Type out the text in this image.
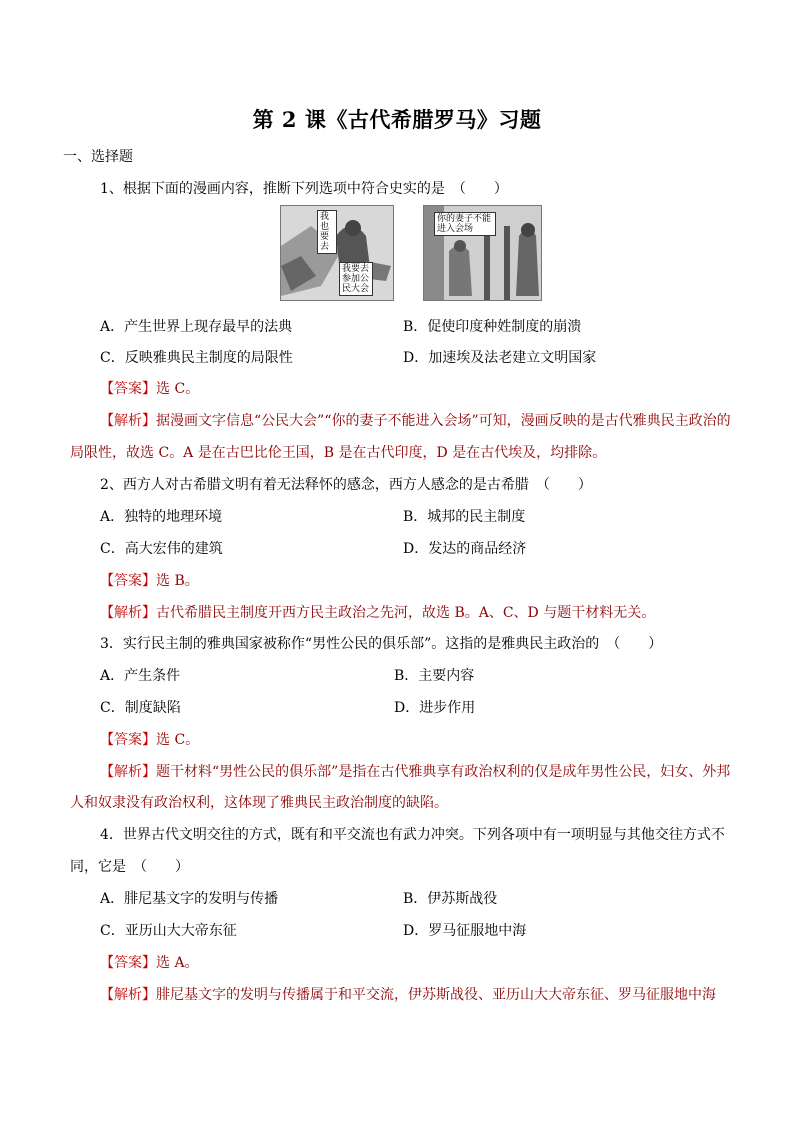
第 2 课《古代希腊罗马》习题
一、选择题
1、根据下面的漫画内容，推断下列选项中符合史实的是　（　　）
我也要去
我要去参加公民大会
你的妻子不能进入会场
A．产生世界上现存最早的法典	B．促使印度种姓制度的崩溃
C．反映雅典民主制度的局限性	D．加速埃及法老建立文明国家
【答案】选 C。
【解析】据漫画文字信息“公民大会”“你的妻子不能进入会场”可知，漫画反映的是古代雅典民主政治的
局限性，故选 C。A 是在古巴比伦王国，B 是在古代印度，D 是在古代埃及，均排除。
2、西方人对古希腊文明有着无法释怀的感念，西方人感念的是古希腊　（　　）
A．独特的地理环境	B．城邦的民主制度
C．高大宏伟的建筑	D．发达的商品经济
【答案】选 B。
【解析】古代希腊民主制度开西方民主政治之先河，故选 B。A、C、D 与题干材料无关。
3．实行民主制的雅典国家被称作“男性公民的俱乐部”。这指的是雅典民主政治的　（　　）
A．产生条件	B．主要内容
C．制度缺陷	D．进步作用
【答案】选 C。
【解析】题干材料“男性公民的俱乐部”是指在古代雅典享有政治权利的仅是成年男性公民，妇女、外邦
人和奴隶没有政治权利，这体现了雅典民主政治制度的缺陷。
4．世界古代文明交往的方式，既有和平交流也有武力冲突。下列各项中有一项明显与其他交往方式不
同，它是　（　　）
A．腓尼基文字的发明与传播	B．伊苏斯战役
C．亚历山大大帝东征	D．罗马征服地中海
【答案】选 A。
【解析】腓尼基文字的发明与传播属于和平交流，伊苏斯战役、亚历山大大帝东征、罗马征服地中海
